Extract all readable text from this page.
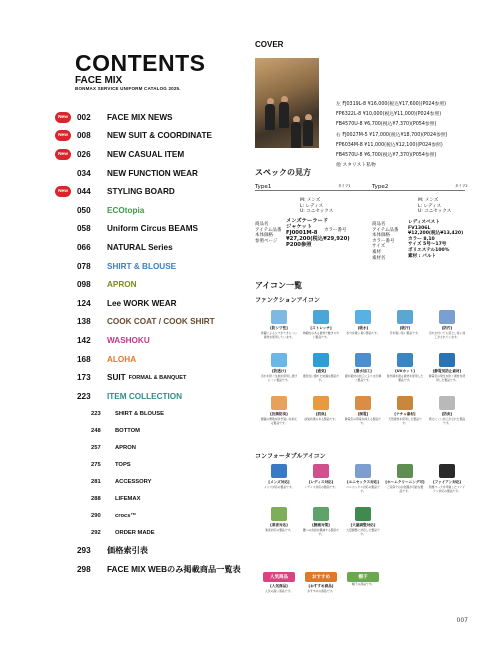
CONTENTS
FACE MIX
BONMAX SERVICE UNIFORM CATALOG 2025.
New	002	FACE MIX NEWS
New	008	NEW SUIT & COORDINATE
New	026	NEW CASUAL ITEM
034	NEW FUNCTION WEAR
New	044	STYLING BOARD
050	ECOtopia
058	Uniform Circus BEAMS
066	NATURAL Series
078	SHIRT & BLOUSE
098	APRON
124	Lee WORK WEAR
138	COOK COAT / COOK SHIRT
142	WASHOKU
168	ALOHA
173	SUIT FORMAL & BANQUET
223	ITEM COLLECTION
223	SHIRT & BLOUSE
248	BOTTOM
257	APRON
275	TOPS
281	ACCESSORY
288	LIFEMAX
290	crocs™
292	ORDER MADE
293	価格索引表
298	FACE MIX WEBのみ掲載商品一覧表
COVER
左 FJ0319L-8 ¥16,000(税込¥17,600)(P024参照)
FP6322L-8 ¥10,000(税込¥11,000)(P024参照)
FB4570U-8 ¥6,700(税込¥7,370)(P054参照)
右 FJ0027M-5 ¥17,000(税込¥18,700)(P024参照)
FP6034M-8 ¥11,000(税込¥12,100)(P024参照)
FB4570U-8 ¥6,700(税込¥7,370)(P054参照)
他 スタリスト私物
スペックの見方
Type1	タイプ1	Type2	タイプ2
M: メンズ
L: レディス
U: ユニセックス
商品名
アイテム品番
本体価格
参照ページ
メンズテーラード
ジャケット
FJ0001M-8
¥27,200(税込¥29,920)
P200参照
カラー番号
M: メンズ
L: レディス
U: ユニセックス
商品名
アイテム品番
本体価格
カラー番号
サイズ
素材
素材名
レディスベスト
FV1306L
¥12,200(税込¥13,420)
カラー 8,10
サイズ 5号〜17号
ポリエステル100%
素材 : パルト
アイコン一覧
ファンクションアイコン
[防シワ性]
洗濯によるシワができにくい素材を使用しています。
[ストレッチ]
伸縮性のある素材で動きやすい製品です。
[吸水]
水分を吸い易い製品です。
[吸汗]
汗を吸い易い製品です。
[防汚]
汚れが付いても落とし易い加工がされています。
[防透け]
汚れを防ぐ生地を使用し透けにくい製品です。
[通気]
通気性に優れた快適な製品です。
[撥水加工]
撥水素材の加工により水が弾く製品です。
[UVカット]
紫外線を遮る素材を使用した製品です。
[静電気防止素材]
静電気の発生を防ぐ素材を使用した製品です。
[抗菌防臭]
細菌の繁殖を防ぎ臭いを抑える製品です。
[消臭]
消臭効果のある製品です。
[制電]
静電気の帯電を抑える製品です。
[ナチュ素材]
天然素材を使用した製品です。
[防炎]
燃えにくい加工がされた製品です。
コンフォータブルアイコン
[メンズ対応]
メンズ対応の製品です。
[レディス対応]
レディス対応の製品です。
[ユニセックス対応]
ユニセックス対応の製品です。
[ホームクリーニング可]
ご家庭でのお洗濯が可能な製品です。
[ファイアン対応]
防護ワークを考慮したファイアン対応の製品です。
[業者対応]
業者対応の製品です。
[腰痛対策]
腰への負担を軽減する製品です。
[大量調整対応]
大量調整に対応した製品です。
人気商品
[人気商品]
人気の高い商品です。
おすすめ
[おすすめ商品]
おすすめの商品です。
帽子
帽子の商品です。
007
